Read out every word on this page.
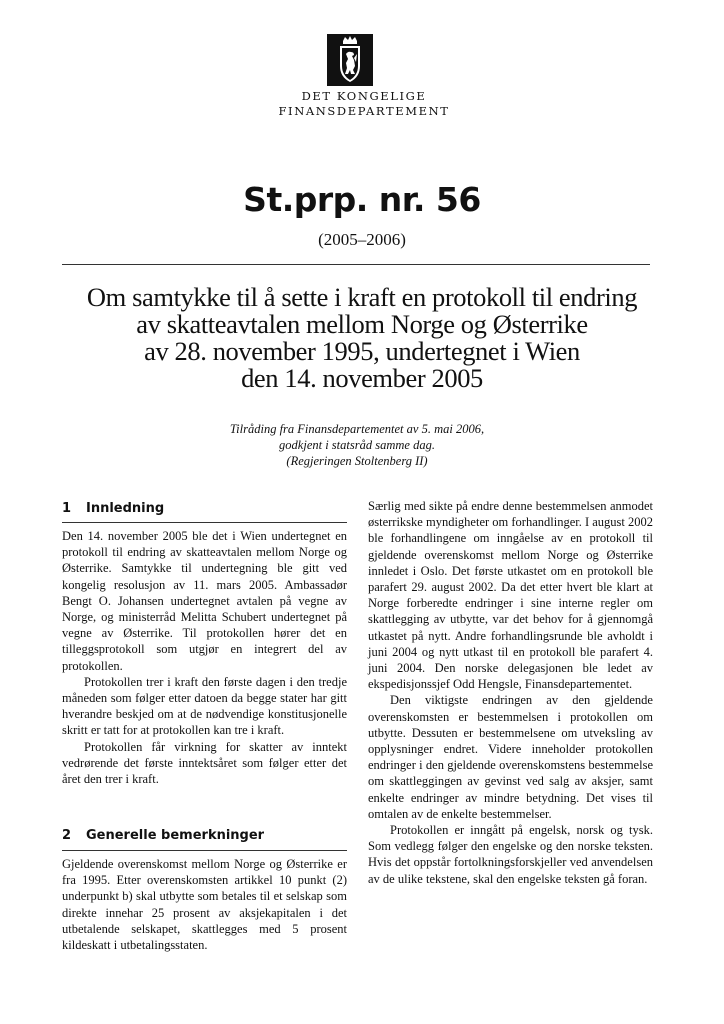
DET KONGELIGE
FINANSDEPARTEMENT
St.prp. nr. 56
(2005–2006)
Om samtykke til å sette i kraft en protokoll til endring
av skatteavtalen mellom Norge og Østerrike
av 28. november 1995, undertegnet i Wien
den 14. november 2005
Tilråding fra Finansdepartementet av 5. mai 2006,
godkjent i statsråd samme dag.
(Regjeringen Stoltenberg II)
1 Innledning

Den 14. november 2005 ble det i Wien undertegnet en protokoll til endring av skatteavtalen mellom Norge og Østerrike. Samtykke til undertegning ble gitt ved kongelig resolusjon av 11. mars 2005. Ambassadør Bengt O. Johansen undertegnet avtalen på vegne av Norge, og ministerråd Melitta Schubert undertegnet på vegne av Østerrike. Til protokollen hører det en tilleggsprotokoll som utgjør en integrert del av protokollen.

Protokollen trer i kraft den første dagen i den tredje måneden som følger etter datoen da begge stater har gitt hverandre beskjed om at de nødvendige konstitusjonelle skritt er tatt for at protokollen kan tre i kraft.

Protokollen får virkning for skatter av inntekt vedrørende det første inntektsåret som følger etter det året den trer i kraft.

2 Generelle bemerkninger

Gjeldende overenskomst mellom Norge og Østerrike er fra 1995. Etter overenskomsten artikkel 10 punkt (2) underpunkt b) skal utbytte som betales til et selskap som direkte innehar 25 prosent av aksjekapitalen i det utbetalende selskapet, skattlegges med 5 prosent kildeskatt i utbetalingsstaten.

Særlig med sikte på endre denne bestemmelsen anmodet østerrikske myndigheter om forhandlinger. I august 2002 ble forhandlingene om inngåelse av en protokoll til gjeldende overenskomst mellom Norge og Østerrike innledet i Oslo. Det første utkastet om en protokoll ble parafert 29. august 2002. Da det etter hvert ble klart at Norge forberedte endringer i sine interne regler om skattlegging av utbytte, var det behov for å gjennomgå utkastet på nytt. Andre forhandlingsrunde ble avholdt i juni 2004 og nytt utkast til en protokoll ble parafert 4. juni 2004. Den norske delegasjonen ble ledet av ekspedisjonssjef Odd Hengsle, Finansdepartementet.

Den viktigste endringen av den gjeldende overenskomsten er bestemmelsen i protokollen om utbytte. Dessuten er bestemmelsene om utveksling av opplysninger endret. Videre inneholder protokollen endringer i den gjeldende overenskomstens bestemmelse om skattleggingen av gevinst ved salg av aksjer, samt enkelte endringer av mindre betydning. Det vises til omtalen av de enkelte bestemmelser.

Protokollen er inngått på engelsk, norsk og tysk. Som vedlegg følger den engelske og den norske teksten. Hvis det oppstår fortolkningsforskjeller ved anvendelsen av de ulike tekstene, skal den engelske teksten gå foran.
